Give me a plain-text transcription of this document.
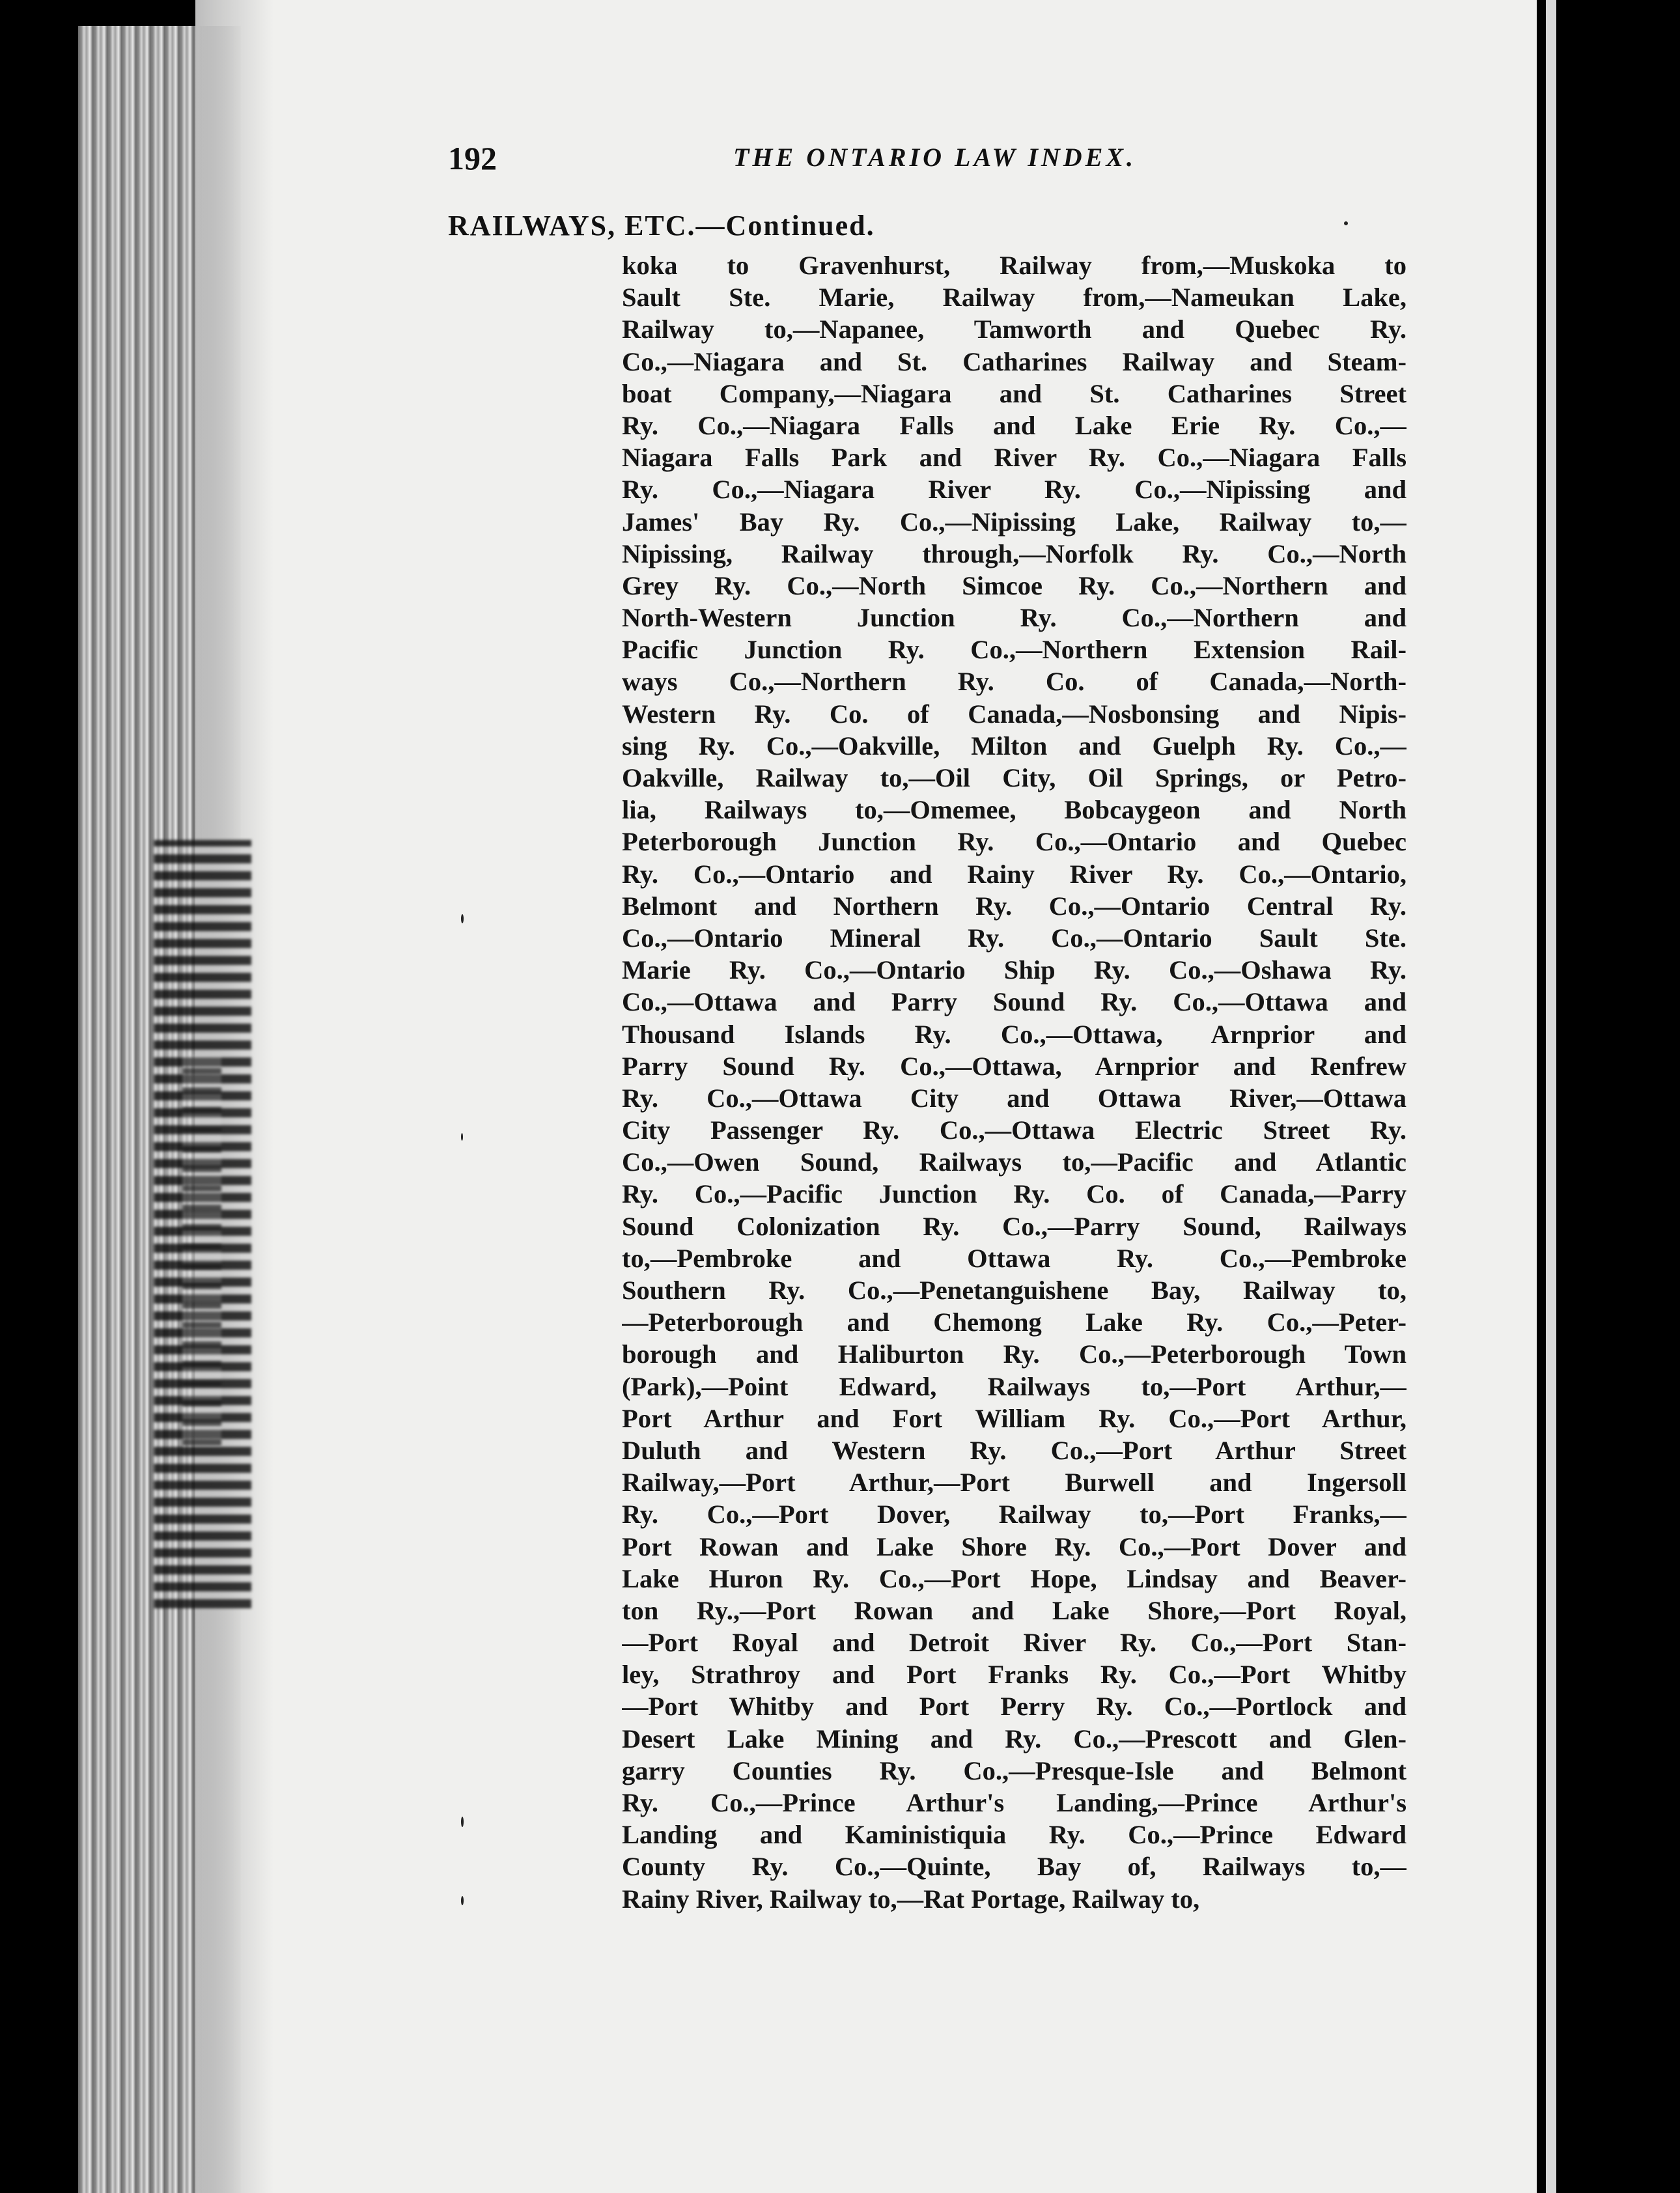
192	THE ONTARIO LAW INDEX.
RAILWAYS, ETC.—Continued.
koka to Gravenhurst, Railway from,—Muskoka to
Sault Ste. Marie, Railway from,—Nameukan Lake,
Railway to,—Napanee, Tamworth and Quebec Ry.
Co.,—Niagara and St. Catharines Railway and Steam-
boat Company,—Niagara and St. Catharines Street
Ry. Co.,—Niagara Falls and Lake Erie Ry. Co.,—
Niagara Falls Park and River Ry. Co.,—Niagara Falls
Ry. Co.,—Niagara River Ry. Co.,—Nipissing and
James' Bay Ry. Co.,—Nipissing Lake, Railway to,—
Nipissing, Railway through,—Norfolk Ry. Co.,—North
Grey Ry. Co.,—North Simcoe Ry. Co.,—Northern and
North-Western Junction Ry. Co.,—Northern and
Pacific Junction Ry. Co.,—Northern Extension Rail-
ways Co.,—Northern Ry. Co. of Canada,—North-
Western Ry. Co. of Canada,—Nosbonsing and Nipis-
sing Ry. Co.,—Oakville, Milton and Guelph Ry. Co.,—
Oakville, Railway to,—Oil City, Oil Springs, or Petro-
lia, Railways to,—Omemee, Bobcaygeon and North
Peterborough Junction Ry. Co.,—Ontario and Quebec
Ry. Co.,—Ontario and Rainy River Ry. Co.,—Ontario,
Belmont and Northern Ry. Co.,—Ontario Central Ry.
Co.,—Ontario Mineral Ry. Co.,—Ontario Sault Ste.
Marie Ry. Co.,—Ontario Ship Ry. Co.,—Oshawa Ry.
Co.,—Ottawa and Parry Sound Ry. Co.,—Ottawa and
Thousand Islands Ry. Co.,—Ottawa, Arnprior and
Parry Sound Ry. Co.,—Ottawa, Arnprior and Renfrew
Ry. Co.,—Ottawa City and Ottawa River,—Ottawa
City Passenger Ry. Co.,—Ottawa Electric Street Ry.
Co.,—Owen Sound, Railways to,—Pacific and Atlantic
Ry. Co.,—Pacific Junction Ry. Co. of Canada,—Parry
Sound Colonization Ry. Co.,—Parry Sound, Railways
to,—Pembroke and Ottawa Ry. Co.,—Pembroke
Southern Ry. Co.,—Penetanguishene Bay, Railway to,
—Peterborough and Chemong Lake Ry. Co.,—Peter-
borough and Haliburton Ry. Co.,—Peterborough Town
(Park),—Point Edward, Railways to,—Port Arthur,—
Port Arthur and Fort William Ry. Co.,—Port Arthur,
Duluth and Western Ry. Co.,—Port Arthur Street
Railway,—Port Arthur,—Port Burwell and Ingersoll
Ry. Co.,—Port Dover, Railway to,—Port Franks,—
Port Rowan and Lake Shore Ry. Co.,—Port Dover and
Lake Huron Ry. Co.,—Port Hope, Lindsay and Beaver-
ton Ry.,—Port Rowan and Lake Shore,—Port Royal,
—Port Royal and Detroit River Ry. Co.,—Port Stan-
ley, Strathroy and Port Franks Ry. Co.,—Port Whitby
—Port Whitby and Port Perry Ry. Co.,—Portlock and
Desert Lake Mining and Ry. Co.,—Prescott and Glen-
garry Counties Ry. Co.,—Presque-Isle and Belmont
Ry. Co.,—Prince Arthur's Landing,—Prince Arthur's
Landing and Kaministiquia Ry. Co.,—Prince Edward
County Ry. Co.,—Quinte, Bay of, Railways to,—
Rainy River, Railway to,—Rat Portage, Railway to,
